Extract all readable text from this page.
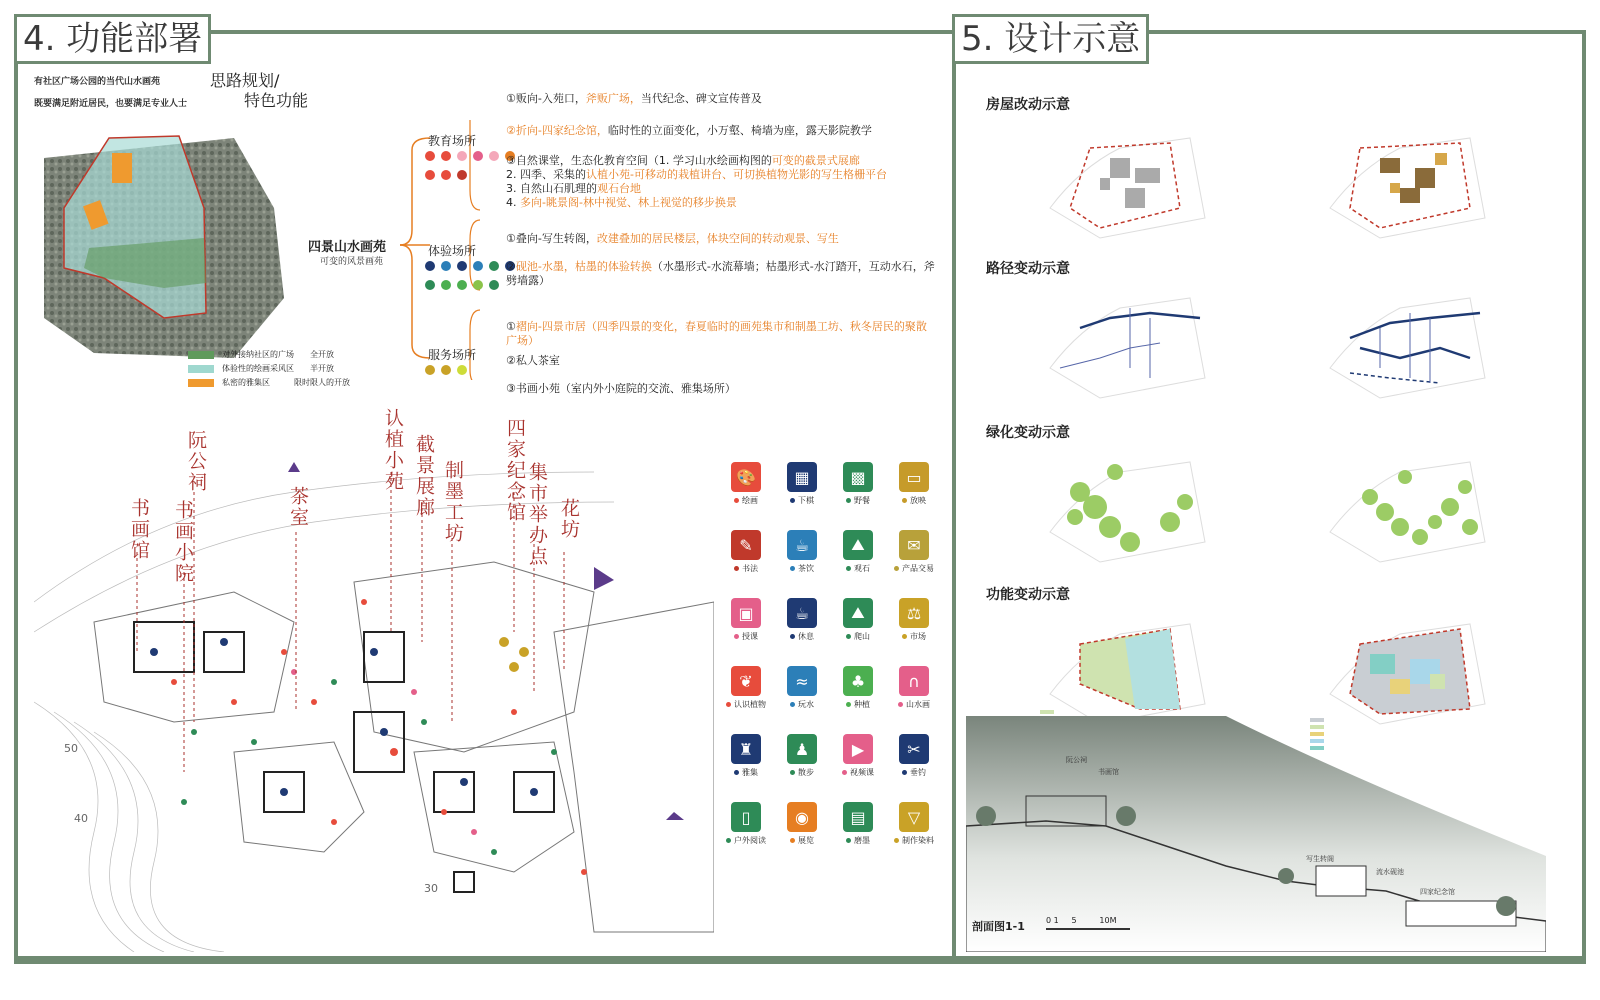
4. 功能部署	5. 设计示意
有社区广场公园的当代山水画苑
既要满足附近居民，也要满足专业人士
思路规划/
特色功能
对外接纳社区的广场 全开放
体验性的绘画采风区 半开放
私密的雅集区	限时限人的开放
四景山水画苑
可变的风景画苑
教育场所
体验场所
服务场所
①贩向-入苑口，斧贩广场，当代纪念、碑文宣传普及
②折向-四家纪念馆，临时性的立面变化，小万壑、椅墙为座，露天影院教学
③自然课堂，生态化教育空间（1. 学习山水绘画构图的可变的截景式展廊
2. 四季、采集的认植小苑-可移动的栽植讲台、可切换植物光影的写生格栅平台
3. 自然山石肌理的观石台地
4. 多向-眺景阁-林中视觉、林上视觉的移步换景
①叠向-写生转阁，改建叠加的居民楼层，体块空间的转动观景、写生
②砚池-水墨，枯墨的体验转换（水墨形式-水流幕墙；枯墨形式-水汀踏开，互动水石，斧劈墙露）
①褶向-四景市居（四季四景的变化，春夏临时的画苑集市和制墨工坊、秋冬居民的聚散广场）
②私人茶室
③书画小苑（室内外小庭院的交流、雅集场所）
50
40
30
书画馆
阮公祠
书画小院	茶室
认植小苑 截景展廊 制墨工坊 四家纪念馆 集市举办点 花坊
🎨
绘画
▦
下棋
▩
野餐
▭
放映
✎
书法
☕
茶饮
⛰
观石
✉
产品交易
▣
授课
☕
休息
⛰
爬山
⚖
市场
❦
认识植物
≈
玩水
♣
种植
∩
山水画
♜
雅集
♟
散步
▶
视频课
✂
垂钓
▯
户外阅读
◉
展览
▤
磨墨
▽
制作染料
房屋改动示意
路径变动示意
绿化变动示意
功能变动示意
阮公祠
书画馆
写生转阁
流水砚池
四家纪念馆
剖面图1-1	0 1     5         10M
